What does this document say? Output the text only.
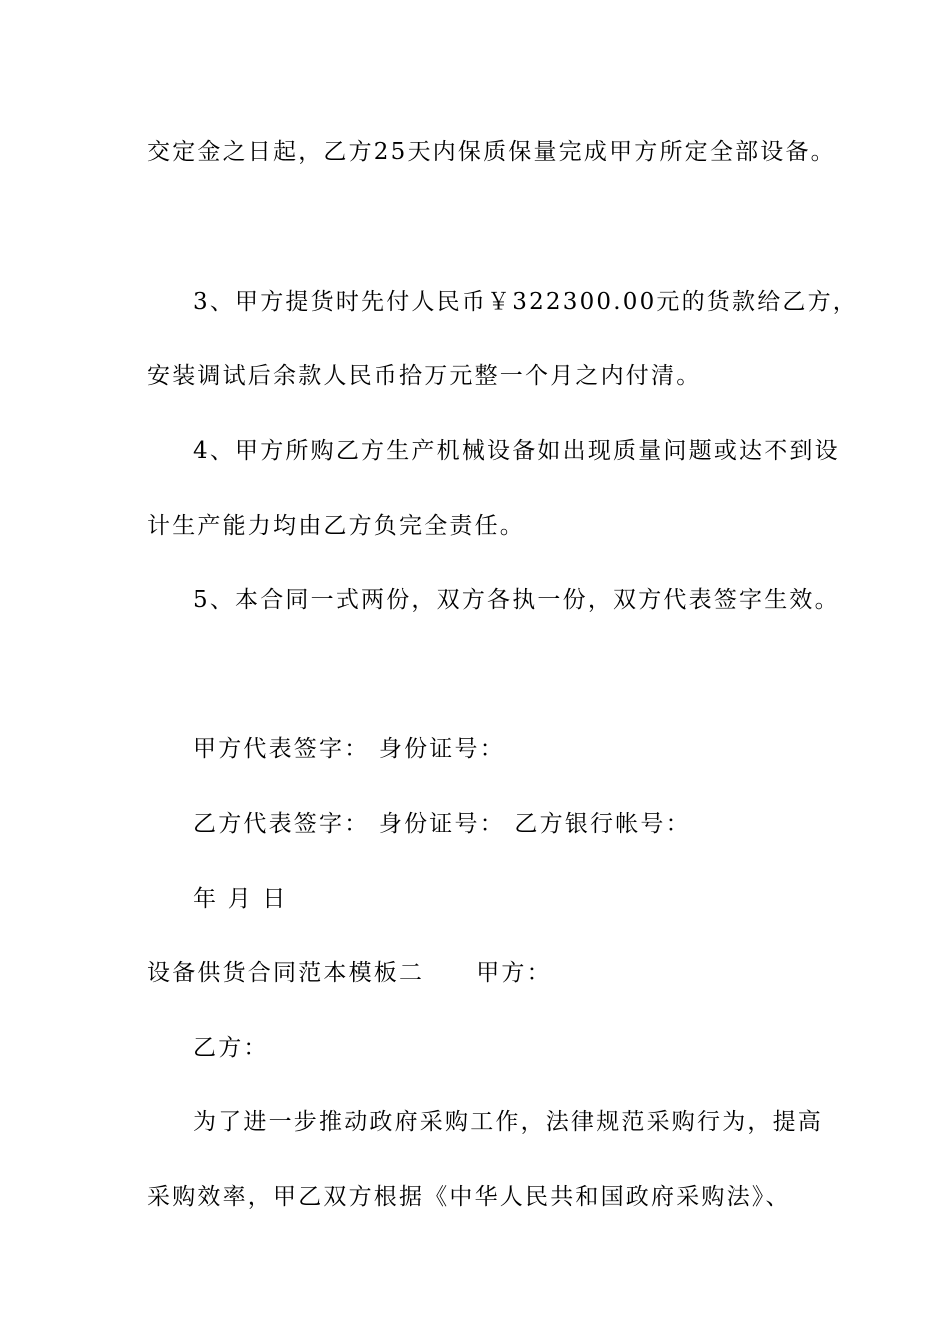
交定金之日起，乙方25天内保质保量完成甲方所定全部设备。
3、甲方提货时先付人民币￥322300.00元的货款给乙方，
安装调试后余款人民币拾万元整一个月之内付清。
4、甲方所购乙方生产机械设备如出现质量问题或达不到设
计生产能力均由乙方负完全责任。
5、本合同一式两份，双方各执一份，双方代表签字生效。
甲方代表签字： 身份证号：
乙方代表签字： 身份证号： 乙方银行帐号：
年 月 日
设备供货合同范本模板二 甲方：
乙方：
为了进一步推动政府采购工作，法律规范采购行为，提高
采购效率，甲乙双方根据《中华人民共和国政府采购法》、
